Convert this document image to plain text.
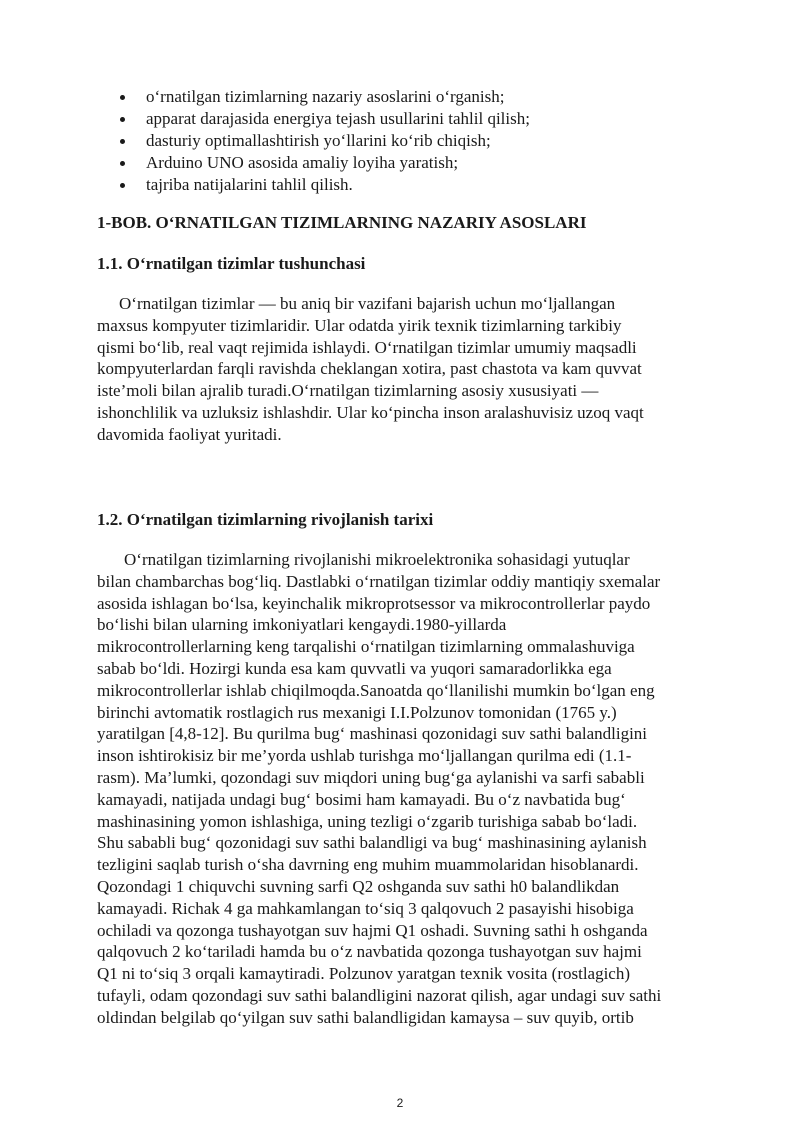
o‘rnatilgan tizimlarning nazariy asoslarini o‘rganish;
apparat darajasida energiya tejash usullarini tahlil qilish;
dasturiy optimallashtirish yo‘llarini ko‘rib chiqish;
Arduino UNO asosida amaliy loyiha yaratish;
tajriba natijalarini tahlil qilish.
1-BOB. O‘RNATILGAN TIZIMLARNING NAZARIY ASOSLARI
1.1. O‘rnatilgan tizimlar tushunchasi

O‘rnatilgan tizimlar — bu aniq bir vazifani bajarish uchun mo‘ljallangan
maxsus kompyuter tizimlaridir. Ular odatda yirik texnik tizimlarning tarkibiy
qismi bo‘lib, real vaqt rejimida ishlaydi. O‘rnatilgan tizimlar umumiy maqsadli
kompyuterlardan farqli ravishda cheklangan xotira, past chastota va kam quvvat
iste’moli bilan ajralib turadi.O‘rnatilgan tizimlarning asosiy xususiyati —
ishonchlilik va uzluksiz ishlashdir. Ular ko‘pincha inson aralashuvisiz uzoq vaqt
davomida faoliyat yuritadi.

1.2. O‘rnatilgan tizimlarning rivojlanish tarixi

O‘rnatilgan tizimlarning rivojlanishi mikroelektronika sohasidagi yutuqlar
bilan chambarchas bog‘liq. Dastlabki o‘rnatilgan tizimlar oddiy mantiqiy sxemalar
asosida ishlagan bo‘lsa, keyinchalik mikroprotsessor va mikrocontrollerlar paydo
bo‘lishi bilan ularning imkoniyatlari kengaydi.1980-yillarda
mikrocontrollerlarning keng tarqalishi o‘rnatilgan tizimlarning ommalashuviga
sabab bo‘ldi. Hozirgi kunda esa kam quvvatli va yuqori samaradorlikka ega
mikrocontrollerlar ishlab chiqilmoqda.Sanoatda qo‘llanilishi mumkin bo‘lgan eng
birinchi avtomatik rostlagich rus mexanigi I.I.Polzunov tomonidan (1765 y.)
yaratilgan [4,8-12]. Bu qurilma bug‘ mashinasi qozonidagi suv sathi balandligini
inson ishtirokisiz bir me’yorda ushlab turishga mo‘ljallangan qurilma edi (1.1-
rasm). Ma’lumki, qozondagi suv miqdori uning bug‘ga aylanishi va sarfi sababli
kamayadi, natijada undagi bug‘ bosimi ham kamayadi. Bu o‘z navbatida bug‘
mashinasining yomon ishlashiga, uning tezligi o‘zgarib turishiga sabab bo‘ladi.
Shu sababli bug‘ qozonidagi suv sathi balandligi va bug‘ mashinasining aylanish
tezligini saqlab turish o‘sha davrning eng muhim muammolaridan hisoblanardi.
Qozondagi 1 chiquvchi suvning sarfi Q2 oshganda suv sathi h0 balandlikdan
kamayadi. Richak 4 ga mahkamlangan to‘siq 3 qalqovuch 2 pasayishi hisobiga
ochiladi va qozonga tushayotgan suv hajmi Q1 oshadi. Suvning sathi h oshganda
qalqovuch 2 ko‘tariladi hamda bu o‘z navbatida qozonga tushayotgan suv hajmi
Q1 ni to‘siq 3 orqali kamaytiradi. Polzunov yaratgan texnik vosita (rostlagich)
tufayli, odam qozondagi suv sathi balandligini nazorat qilish, agar undagi suv sathi
oldindan belgilab qo‘yilgan suv sathi balandligidan kamaysa – suv quyib, ortib

2
